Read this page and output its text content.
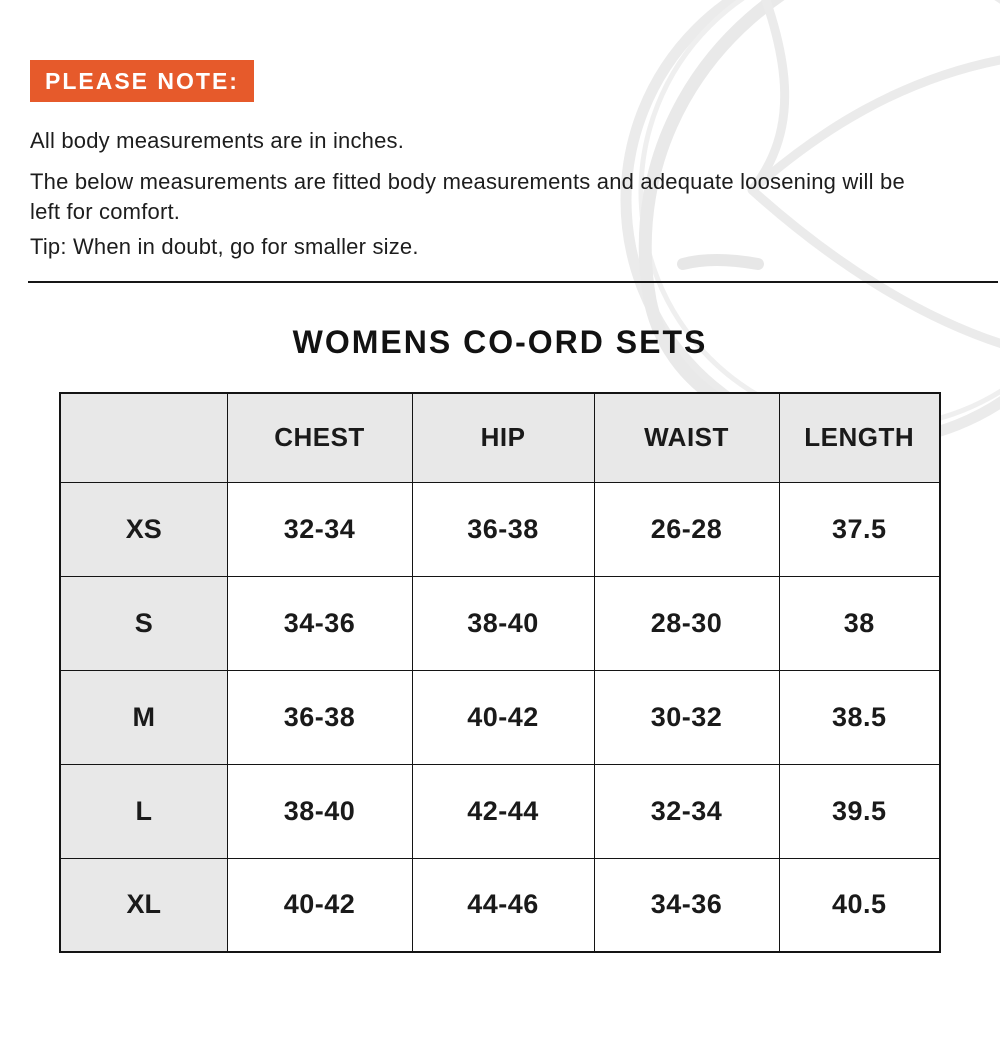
PLEASE NOTE:
All body measurements are in inches.
The below measurements are fitted body measurements and adequate loosening will be left for comfort.
Tip: When in doubt, go for smaller size.
WOMENS CO-ORD SETS
	CHEST	HIP	WAIST	LENGTH
XS	32-34	36-38	26-28	37.5
S	34-36	38-40	28-30	38
M	36-38	40-42	30-32	38.5
L	38-40	42-44	32-34	39.5
XL	40-42	44-46	34-36	40.5
